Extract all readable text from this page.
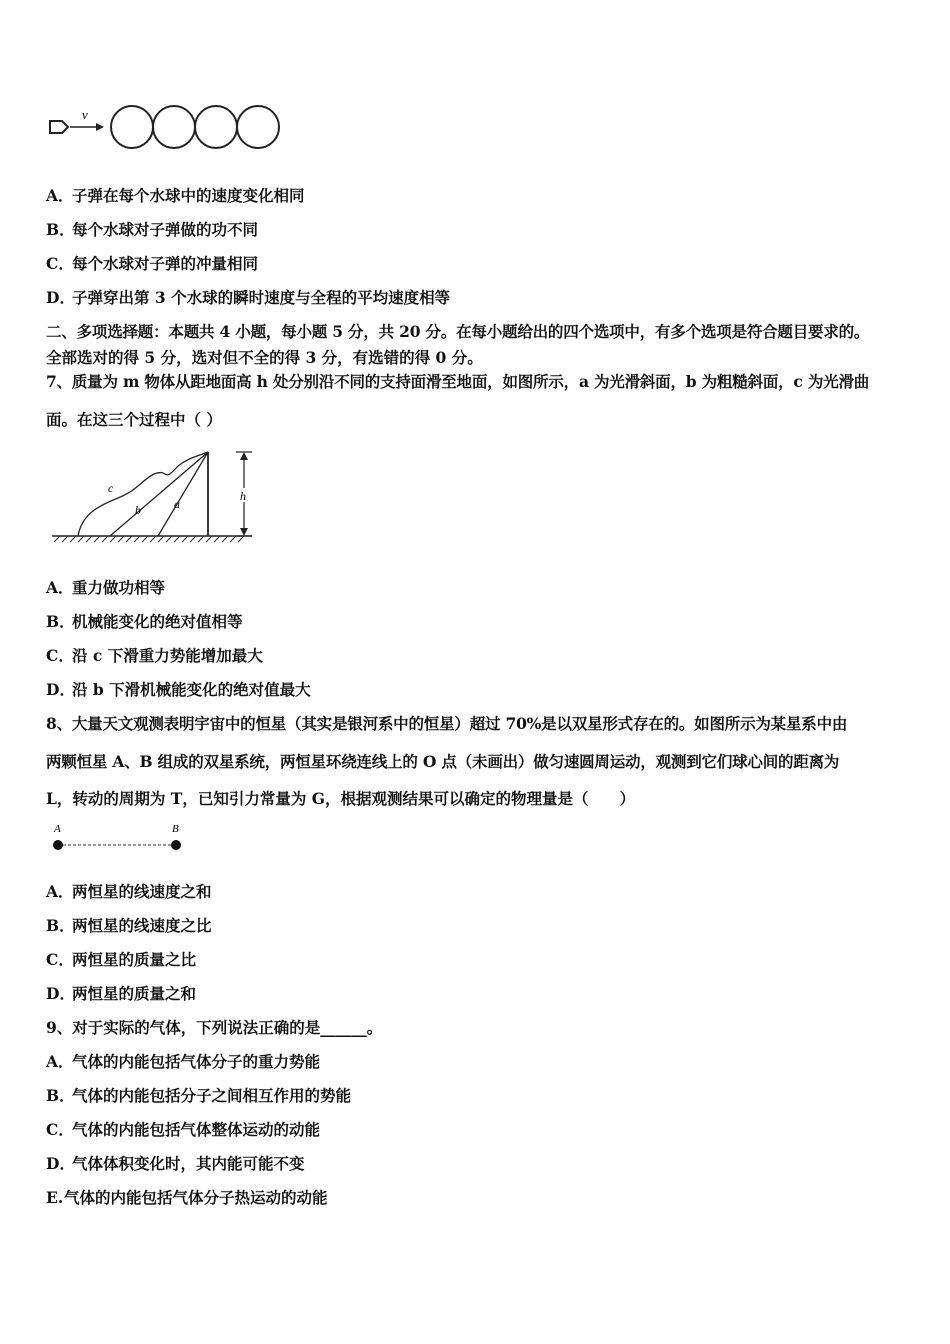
v
A．子弹在每个水球中的速度变化相同
B．每个水球对子弹做的功不同
C．每个水球对子弹的冲量相同
D．子弹穿出第 3 个水球的瞬时速度与全程的平均速度相等
二、多项选择题：本题共 4 小题，每小题 5 分，共 20 分。在每小题给出的四个选项中，有多个选项是符合题目要求的。
全部选对的得 5 分，选对但不全的得 3 分，有选错的得 0 分。
7、质量为 m 物体从距地面高 h 处分别沿不同的支持面滑至地面，如图所示，a 为光滑斜面，b 为粗糙斜面，c 为光滑曲
面。在这三个过程中（ ）
c
b	a
h
A．重力做功相等
B．机械能变化的绝对值相等
C．沿 c 下滑重力势能增加最大
D．沿 b 下滑机械能变化的绝对值最大
8、大量天文观测表明宇宙中的恒星（其实是银河系中的恒星）超过 70%是以双星形式存在的。如图所示为某星系中由
两颗恒星 A、B 组成的双星系统，两恒星环绕连线上的 O 点（未画出）做匀速圆周运动，观测到它们球心间的距离为
L，转动的周期为 T，已知引力常量为 G，根据观测结果可以确定的物理量是（　　）
A	B
A．两恒星的线速度之和
B．两恒星的线速度之比
C．两恒星的质量之比
D．两恒星的质量之和
9、对于实际的气体，下列说法正确的是______。
A．气体的内能包括气体分子的重力势能
B．气体的内能包括分子之间相互作用的势能
C．气体的内能包括气体整体运动的动能
D．气体体积变化时，其内能可能不变
E.气体的内能包括气体分子热运动的动能
